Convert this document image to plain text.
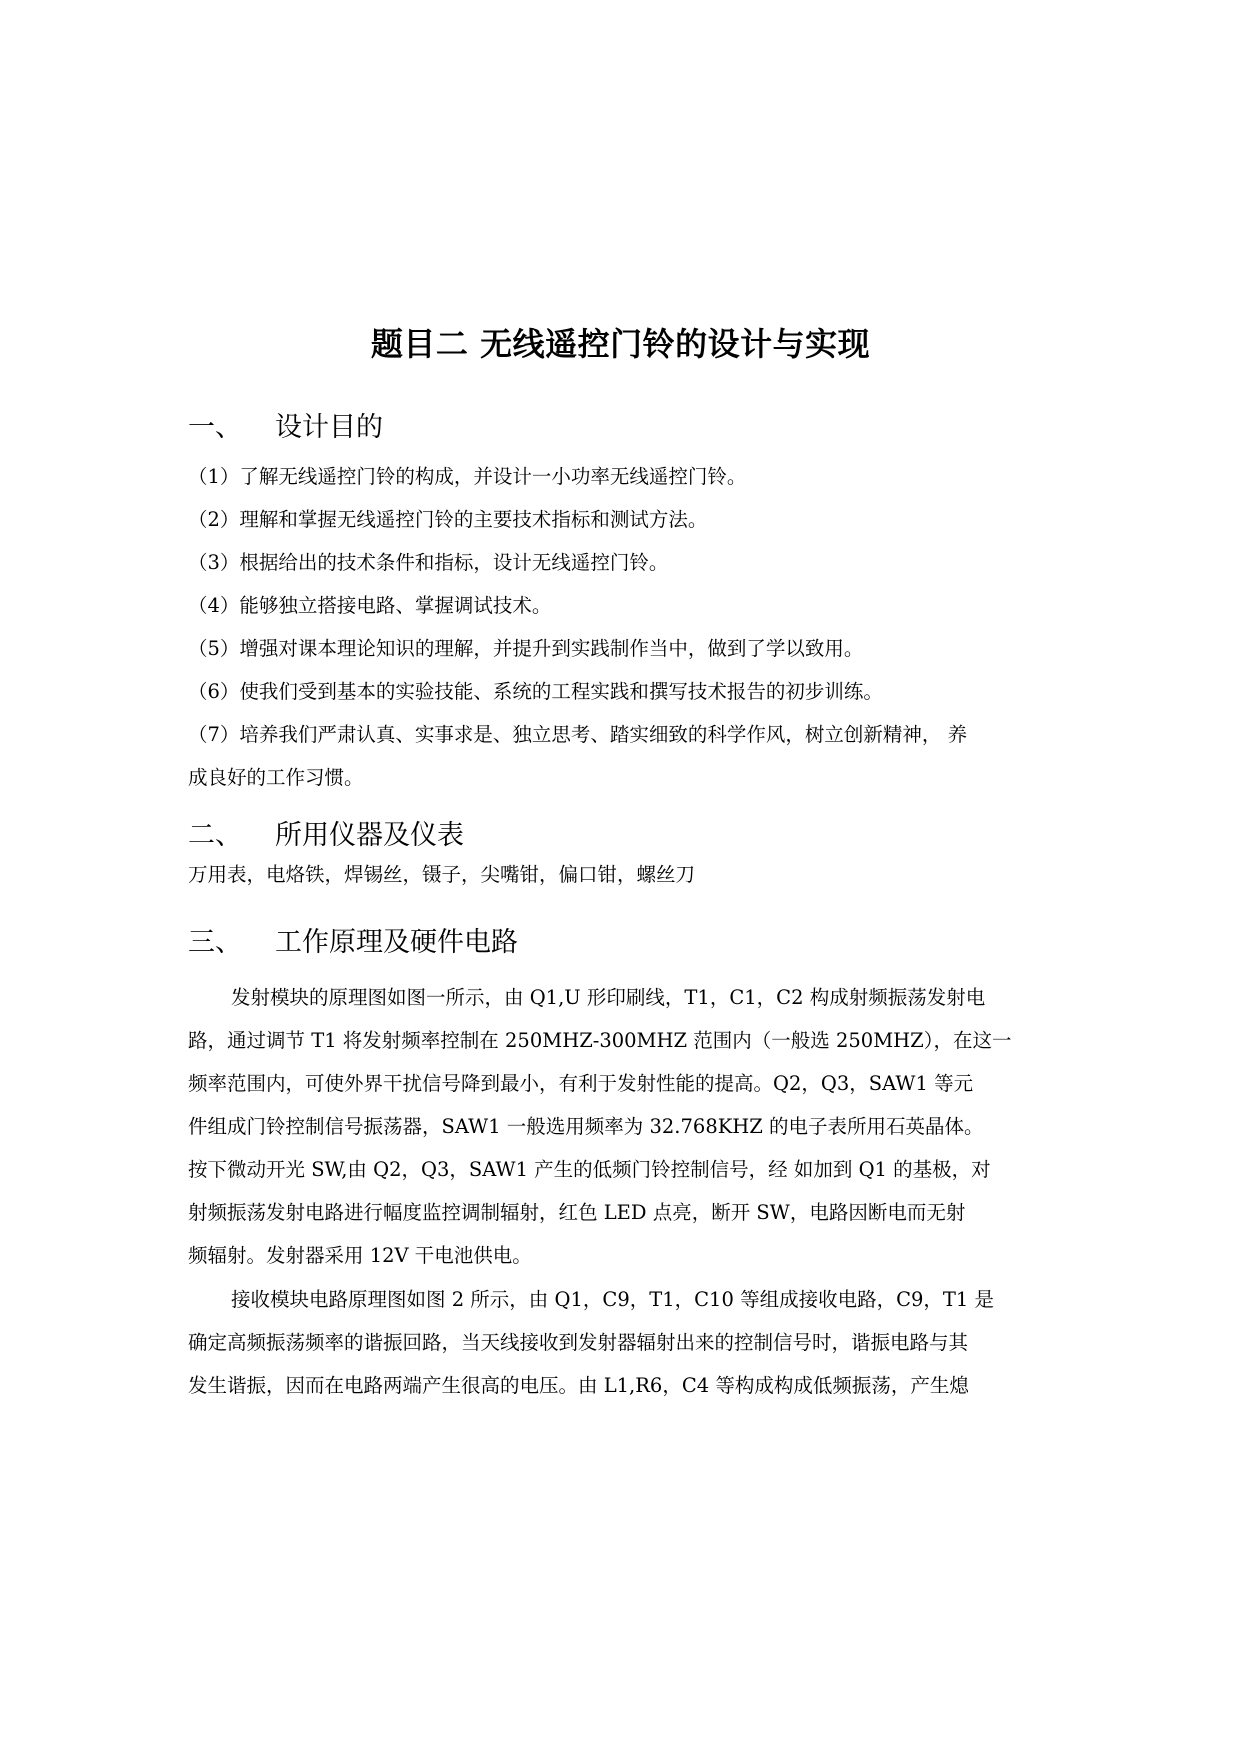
题目二 无线遥控门铃的设计与实现
一、 设计目的
（1）了解无线遥控门铃的构成，并设计一小功率无线遥控门铃。
（2）理解和掌握无线遥控门铃的主要技术指标和测试方法。
（3）根据给出的技术条件和指标，设计无线遥控门铃。
（4）能够独立搭接电路、掌握调试技术。
（5）增强对课本理论知识的理解，并提升到实践制作当中，做到了学以致用。
（6）使我们受到基本的实验技能、系统的工程实践和撰写技术报告的初步训练。
（7）培养我们严肃认真、实事求是、独立思考、踏实细致的科学作风，树立创新精神， 养
成良好的工作习惯。
二、 所用仪器及仪表
万用表，电烙铁，焊锡丝，镊子，尖嘴钳，偏口钳，螺丝刀
三、 工作原理及硬件电路
发射模块的原理图如图一所示，由 Q1,U 形印刷线，T1，C1，C2 构成射频振荡发射电
路，通过调节 T1 将发射频率控制在 250MHZ-300MHZ 范围内（一般选 250MHZ），在这一
频率范围内，可使外界干扰信号降到最小，有利于发射性能的提高。Q2，Q3，SAW1 等元
件组成门铃控制信号振荡器，SAW1 一般选用频率为 32.768KHZ 的电子表所用石英晶体。
按下微动开光 SW,由 Q2，Q3，SAW1 产生的低频门铃控制信号，经 如加到 Q1 的基极，对
射频振荡发射电路进行幅度监控调制辐射，红色 LED 点亮，断开 SW，电路因断电而无射
频辐射。发射器采用 12V 干电池供电。
接收模块电路原理图如图 2 所示，由 Q1，C9，T1，C10 等组成接收电路，C9，T1 是
确定高频振荡频率的谐振回路，当天线接收到发射器辐射出来的控制信号时，谐振电路与其
发生谐振，因而在电路两端产生很高的电压。由 L1,R6，C4 等构成构成低频振荡，产生熄
